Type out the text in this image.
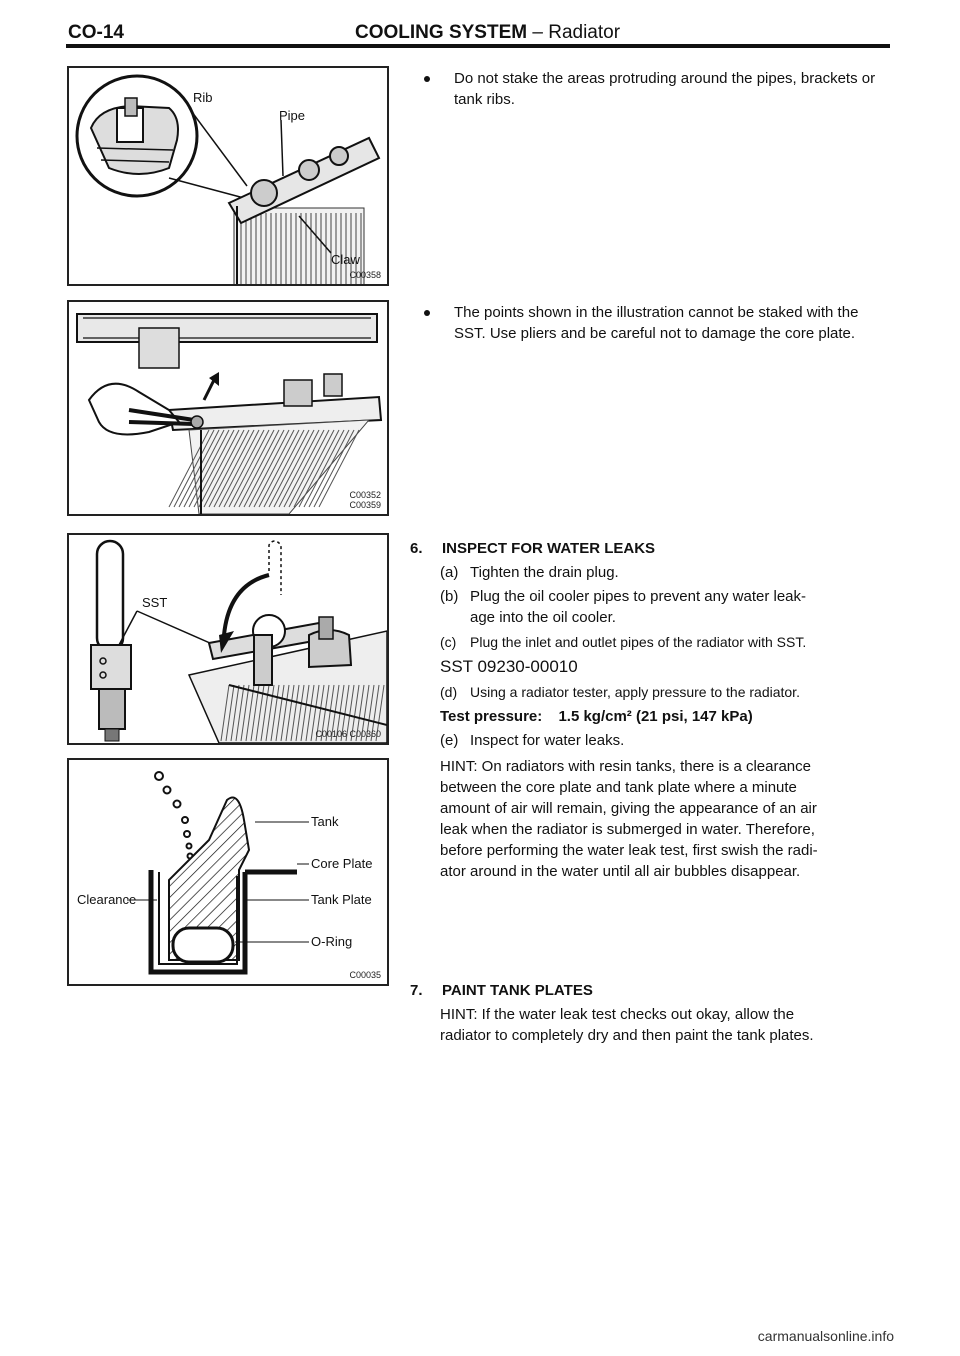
CO-14	COOLING SYSTEM – Radiator
Rib
Pipe
Claw
C00358
C00352
C00359
SST
C00106 C00360
Tank
Core Plate
Clearance	Tank Plate
O-Ring
C00035
Do not stake the areas protruding around the pipes, brackets or tank ribs.
The points shown in the illustration cannot be staked with the SST. Use pliers and be careful not to damage the core plate.
6. INSPECT FOR WATER LEAKS
(a) Tighten the drain plug.
(b) Plug the oil cooler pipes to prevent any water leak-
age into the oil cooler.
(c) Plug the inlet and outlet pipes of the radiator with SST.
SST 09230-00010
(d) Using a radiator tester, apply pressure to the radiator.
Test pressure: 1.5 kg/cm² (21 psi, 147 kPa)
(e) Inspect for water leaks.
HINT: On radiators with resin tanks, there is a clearance
between the core plate and tank plate where a minute
amount of air will remain, giving the appearance of an air
leak when the radiator is submerged in water. Therefore,
before performing the water leak test, first swish the radi-
ator around in the water until all air bubbles disappear.
7. PAINT TANK PLATES
HINT: If the water leak test checks out okay, allow the
radiator to completely dry and then paint the tank plates.
carmanualsonline.info
